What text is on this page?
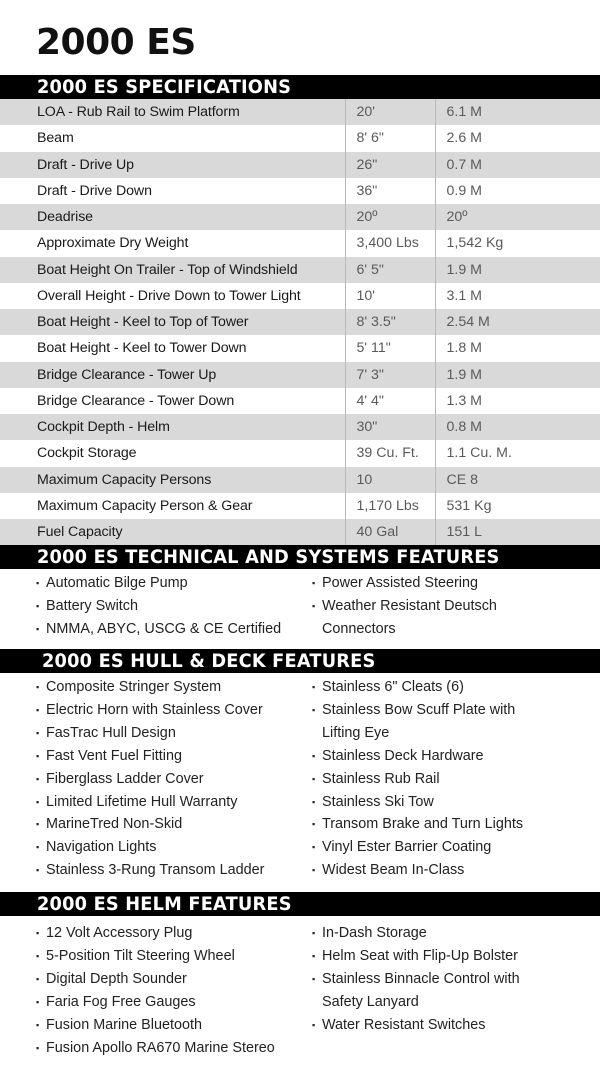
2000 ES
2000 ES SPECIFICATIONS
LOA - Rub Rail to Swim Platform	20'	6.1 M
Beam	8' 6"	2.6 M
Draft - Drive Up	26"	0.7 M
Draft - Drive Down	36"	0.9 M
Deadrise	20º	20º
Approximate Dry Weight	3,400 Lbs	1,542 Kg
Boat Height On Trailer - Top of Windshield	6' 5"	1.9 M
Overall Height - Drive Down to Tower Light	10'	3.1 M
Boat Height - Keel to Top of Tower	8' 3.5"	2.54 M
Boat Height - Keel to Tower Down	5' 11"	1.8 M
Bridge Clearance - Tower Up	7' 3"	1.9 M
Bridge Clearance - Tower Down	4' 4"	1.3 M
Cockpit Depth - Helm	30"	0.8 M
Cockpit Storage	39 Cu. Ft.	1.1 Cu. M.
Maximum Capacity Persons	10	CE 8
Maximum Capacity Person & Gear	1,170 Lbs	531 Kg
Fuel Capacity	40 Gal	151 L
2000 ES TECHNICAL AND SYSTEMS FEATURES
▪ Automatic Bilge Pump
▪ Battery Switch
▪ NMMA, ABYC, USCG & CE Certified
▪ Power Assisted Steering
▪ Weather Resistant Deutsch
Connectors
2000 ES HULL & DECK FEATURES
▪ Composite Stringer System
▪ Electric Horn with Stainless Cover
▪ FasTrac Hull Design
▪ Fast Vent Fuel Fitting
▪ Fiberglass Ladder Cover
▪ Limited Lifetime Hull Warranty
▪ MarineTred Non-Skid
▪ Navigation Lights
▪ Stainless 3-Rung Transom Ladder
▪ Stainless 6" Cleats (6)
▪ Stainless Bow Scuff Plate with
Lifting Eye
▪ Stainless Deck Hardware
▪ Stainless Rub Rail
▪ Stainless Ski Tow
▪ Transom Brake and Turn Lights
▪ Vinyl Ester Barrier Coating
▪ Widest Beam In-Class
2000 ES HELM FEATURES
▪ 12 Volt Accessory Plug
▪ 5-Position Tilt Steering Wheel
▪ Digital Depth Sounder
▪ Faria Fog Free Gauges
▪ Fusion Marine Bluetooth
▪ Fusion Apollo RA670 Marine Stereo
▪ In-Dash Storage
▪ Helm Seat with Flip-Up Bolster
▪ Stainless Binnacle Control with
Safety Lanyard
▪ Water Resistant Switches
